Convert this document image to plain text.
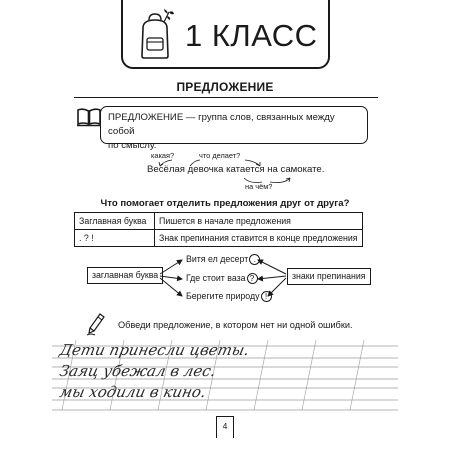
1 КЛАСС
ПРЕДЛОЖЕНИЕ
ПРЕДЛОЖЕНИЕ — группа слов, связанных между собой
по смыслу.
какая?	что делает?
на чём?
Весёлая девочка катается на самокате.
Что помогает отделить предложения друг от друга?
Заглавная буква	Пишется в начале предложения
. ? !	Знак препинания ставится в конце предложения
заглавная буква	знаки препинания
Витя ел десерт .
Где стоит ваза ?
Берегите природу !
Обведи предложение, в котором нет ни одной ошибки.
Дети принесли цветы.
Заяц убежал в лес.
мы ходили в кино.
4
